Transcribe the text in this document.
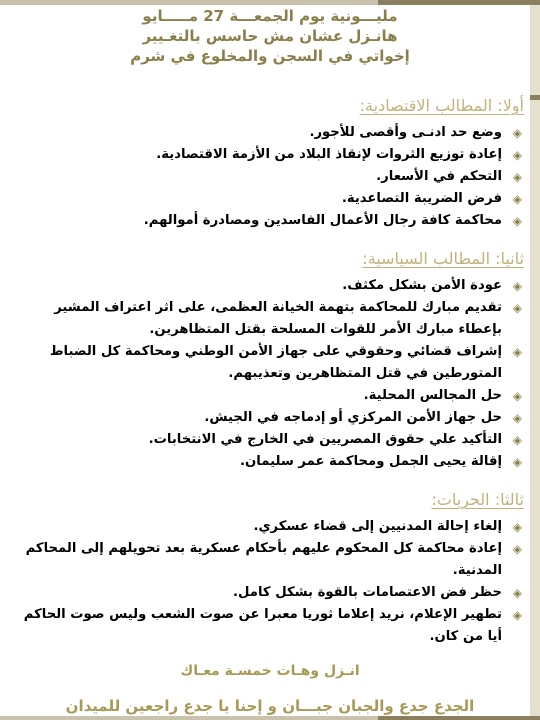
مليـــونية يوم الجمعـــة 27 مـــــايو
هانـزل عشان مش حاسس بالتغـيير
إخواتي في السجن والمخلوع في شرم
أولا: المطالب الاقتصادية:
◈
وضع حد ادنـى وأقصى للأجور.
◈
إعادة توزيع الثروات لإنقاذ البلاد من الأزمة الاقتصادية.
◈
التحكم في الأسعار.
◈
فرض الضريبة التصاعدية.
◈
محاكمة كافة رجال الأعمال الفاسدين ومصادرة أموالهم.
ثانيا: المطالب السياسية:
◈
عودة الأمن بشكل مكثف.
◈
تقديم مبارك للمحاكمة بتهمة الخيانة العظمى، على اثر اعتراف المشير بإعطاء مبارك الأمر للقوات المسلحة بقتل المتظاهرين.
◈
إشراف قضائي وحقوقي على جهاز الأمن الوطني ومحاكمة كل الضباط المتورطين في قتل المتظاهرين وتعذيبهم.
◈
حل المجالس المحلية.
◈
حل جهاز الأمن المركزي أو إدماجه في الجيش.
◈
التأكيد علي حقوق المصريين في الخارج في الانتخابات.
◈
إقالة يحيى الجمل ومحاكمة عمر سليمان.
ثالثا: الحريات:
◈
إلغاء إحالة المدنيين إلى قضاء عسكري.
◈
إعادة محاكمة كل المحكوم عليهم بأحكام عسكرية بعد تحويلهم إلى المحاكم المدنية.
◈
حظر فض الاعتصامات بالقوة بشكل كامل.
◈
تطهير الإعلام، نريد إعلاما ثوريا معبرا عن صوت الشعب وليس صوت الحاكم أيا من كان.
انـزل وهـات خمسـة معـاك
الجدع جدع والجبان جبـــان و إحنا يا جدع راجعين للميدان
